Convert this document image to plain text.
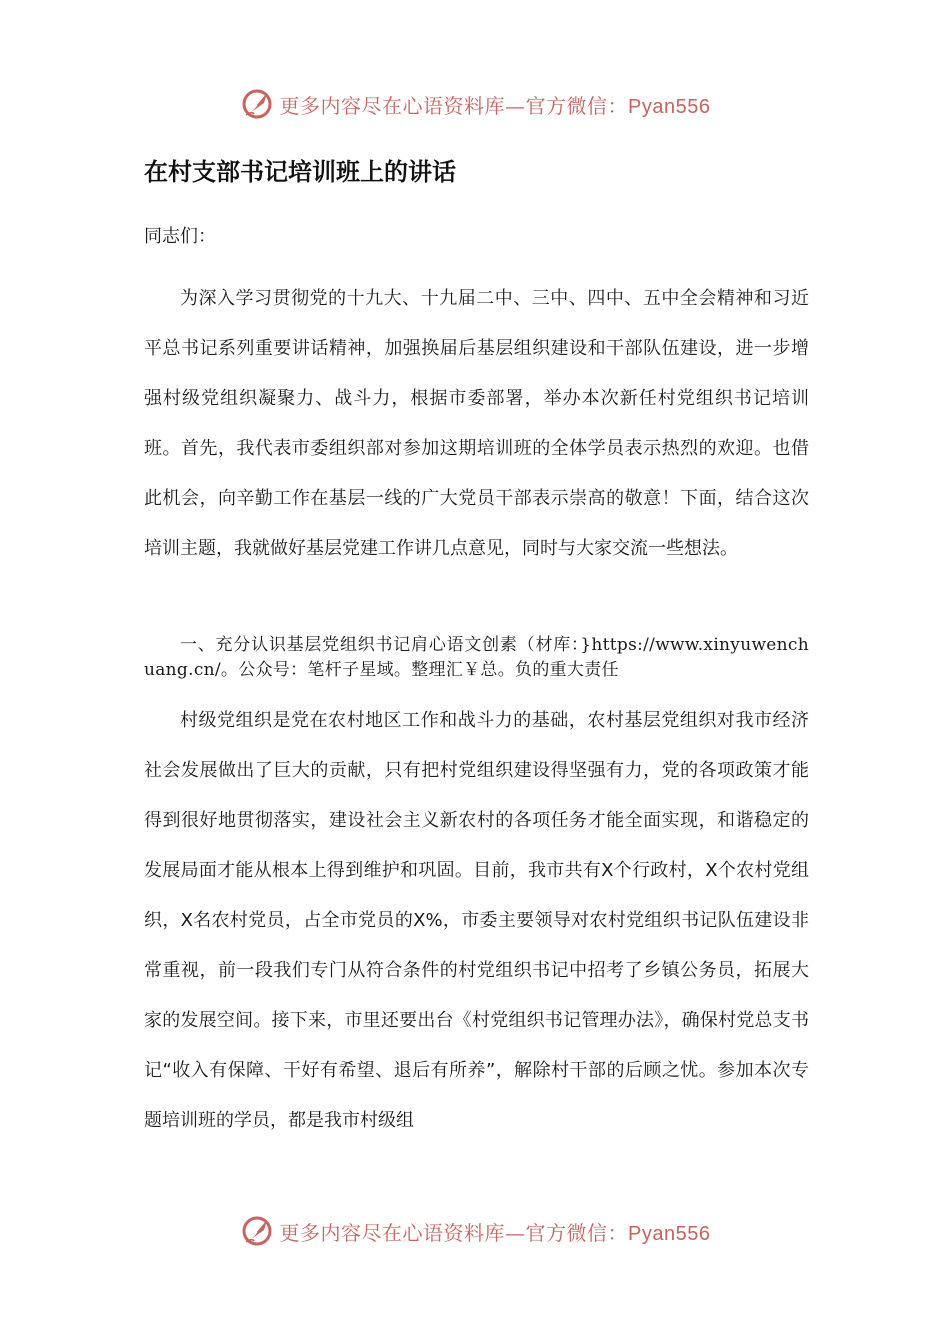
更多内容尽在心语资料库—官方微信：Pyan556
在村支部书记培训班上的讲话

同志们：

为深入学习贯彻党的十九大、十九届二中、三中、四中、五中全会精神和习近平总书记系列重要讲话精神，加强换届后基层组织建设和干部队伍建设，进一步增强村级党组织凝聚力、战斗力，根据市委部署，举办本次新任村党组织书记培训班。首先，我代表市委组织部对参加这期培训班的全体学员表示热烈的欢迎。也借此机会，向辛勤工作在基层一线的广大党员干部表示崇高的敬意！下面，结合这次培训主题，我就做好基层党建工作讲几点意见，同时与大家交流一些想法。

一、充分认识基层党组织书记肩心语文创素（材库：}https://www.xinyuwenchuang.cn/。公众号：笔杆子星域。整理汇￥总。负的重大责任

村级党组织是党在农村地区工作和战斗力的基础，农村基层党组织对我市经济社会发展做出了巨大的贡献，只有把村党组织建设得坚强有力，党的各项政策才能得到很好地贯彻落实，建设社会主义新农村的各项任务才能全面实现，和谐稳定的发展局面才能从根本上得到维护和巩固。目前，我市共有X个行政村，X个农村党组织，X名农村党员，占全市党员的X%，市委主要领导对农村党组织书记队伍建设非常重视，前一段我们专门从符合条件的村党组织书记中招考了乡镇公务员，拓展大家的发展空间。接下来，市里还要出台《村党组织书记管理办法》，确保村党总支书记“收入有保障、干好有希望、退后有所养”，解除村干部的后顾之忧。参加本次专题培训班的学员，都是我市村级组

更多内容尽在心语资料库—官方微信：Pyan556
